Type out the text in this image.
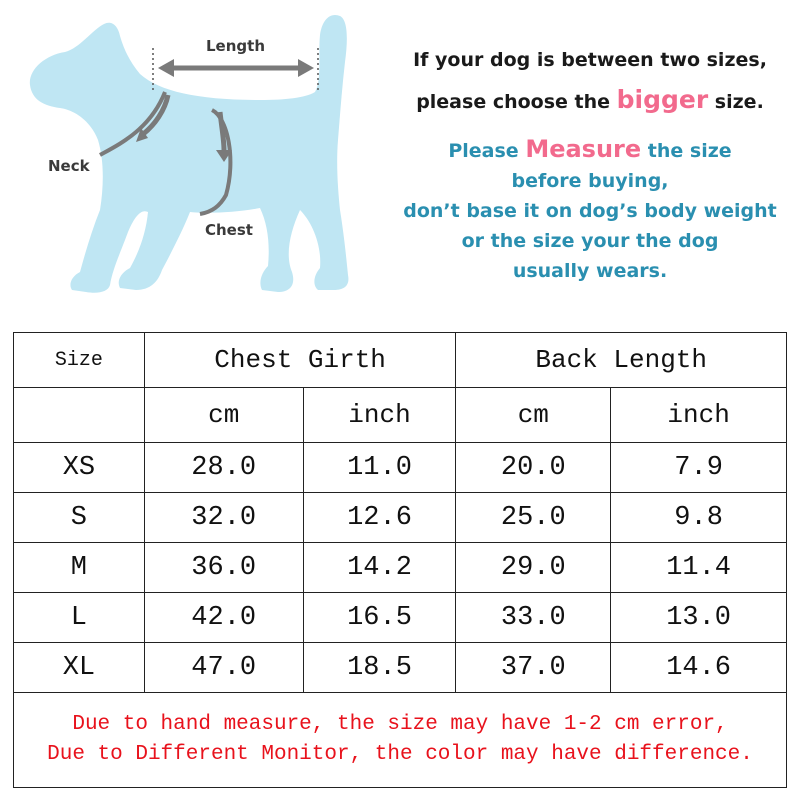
Length
Neck
Chest
If your dog is between two sizes,
please choose the bigger size.
Please Measure the size
before buying,
don’t base it on dog’s body weight
or the size your the dog
usually wears.
Size	Chest Girth		Back Length	
	cm	inch	cm	inch
XS	28.0	11.0	20.0	7.9
S	32.0	12.6	25.0	9.8
M	36.0	14.2	29.0	11.4
L	42.0	16.5	33.0	13.0
XL	47.0	18.5	37.0	14.6

Due to hand measure, the size may have 1-2 cm error,
Due to Different Monitor, the color may have difference.				
